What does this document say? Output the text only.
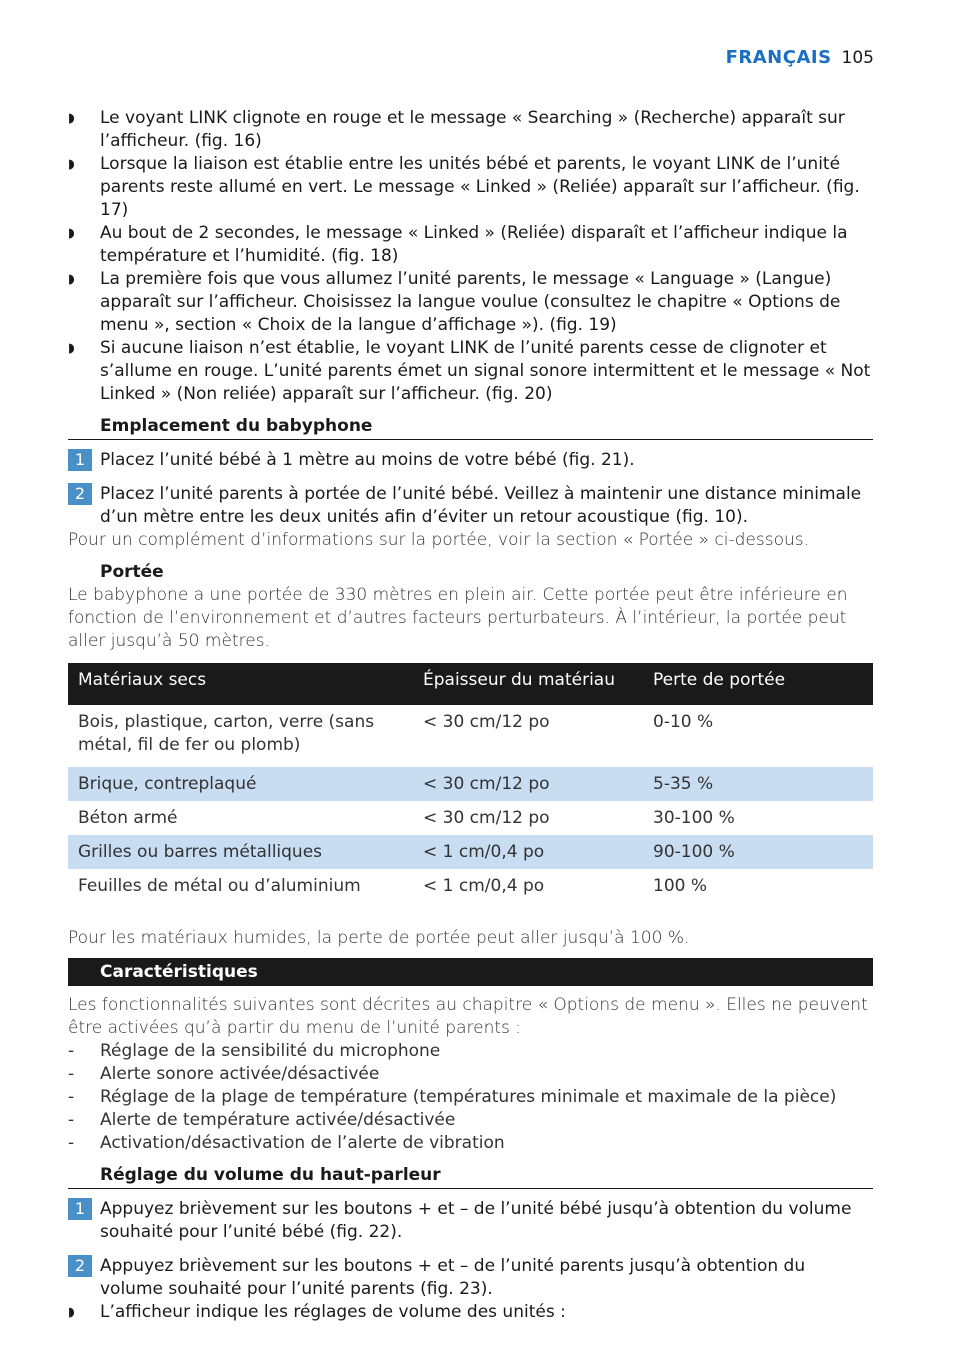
FRANÇAIS 105
◗ Le voyant LINK clignote en rouge et le message « Searching » (Recherche) apparaît sur l’afficheur. (fig. 16)
◗ Lorsque la liaison est établie entre les unités bébé et parents, le voyant LINK de l’unité parents reste allumé en vert. Le message « Linked » (Reliée) apparaît sur l’afficheur. (fig. 17)
◗ Au bout de 2 secondes, le message « Linked » (Reliée) disparaît et l’afficheur indique la température et l’humidité. (fig. 18)
◗ La première fois que vous allumez l’unité parents, le message « Language » (Langue) apparaît sur l’afficheur. Choisissez la langue voulue (consultez le chapitre « Options de menu », section « Choix de la langue d’affichage »). (fig. 19)
◗ Si aucune liaison n’est établie, le voyant LINK de l’unité parents cesse de clignoter et s’allume en rouge. L’unité parents émet un signal sonore intermittent et le message « Not Linked » (Non reliée) apparaît sur l’afficheur. (fig. 20)
Emplacement du babyphone
1 Placez l’unité bébé à 1 mètre au moins de votre bébé (fig. 21).
2 Placez l’unité parents à portée de l’unité bébé. Veillez à maintenir une distance minimale d’un mètre entre les deux unités afin d’éviter un retour acoustique (fig. 10).
Pour un complément d’informations sur la portée, voir la section « Portée » ci-dessous.
Portée
Le babyphone a une portée de 330 mètres en plein air. Cette portée peut être inférieure en fonction de l’environnement et d’autres facteurs perturbateurs. À l’intérieur, la portée peut aller jusqu’à 50 mètres.
Matériaux secs	Épaisseur du matériau	Perte de portée
Bois, plastique, carton, verre (sans métal, fil de fer ou plomb)	< 30 cm/12 po	0-10 %
Brique, contreplaqué	< 30 cm/12 po	5-35 %
Béton armé	< 30 cm/12 po	30-100 %
Grilles ou barres métalliques	< 1 cm/0,4 po	90-100 %
Feuilles de métal ou d’aluminium	< 1 cm/0,4 po	100 %
Pour les matériaux humides, la perte de portée peut aller jusqu’à 100 %.
Caractéristiques
Les fonctionnalités suivantes sont décrites au chapitre « Options de menu ». Elles ne peuvent être activées qu’à partir du menu de l’unité parents :
- Réglage de la sensibilité du microphone
- Alerte sonore activée/désactivée
- Réglage de la plage de température (températures minimale et maximale de la pièce)
- Alerte de température activée/désactivée
- Activation/désactivation de l’alerte de vibration
Réglage du volume du haut-parleur
1 Appuyez brièvement sur les boutons + et – de l’unité bébé jusqu’à obtention du volume souhaité pour l’unité bébé (fig. 22).
2 Appuyez brièvement sur les boutons + et – de l’unité parents jusqu’à obtention du volume souhaité pour l’unité parents (fig. 23).
◗ L’afficheur indique les réglages de volume des unités :
